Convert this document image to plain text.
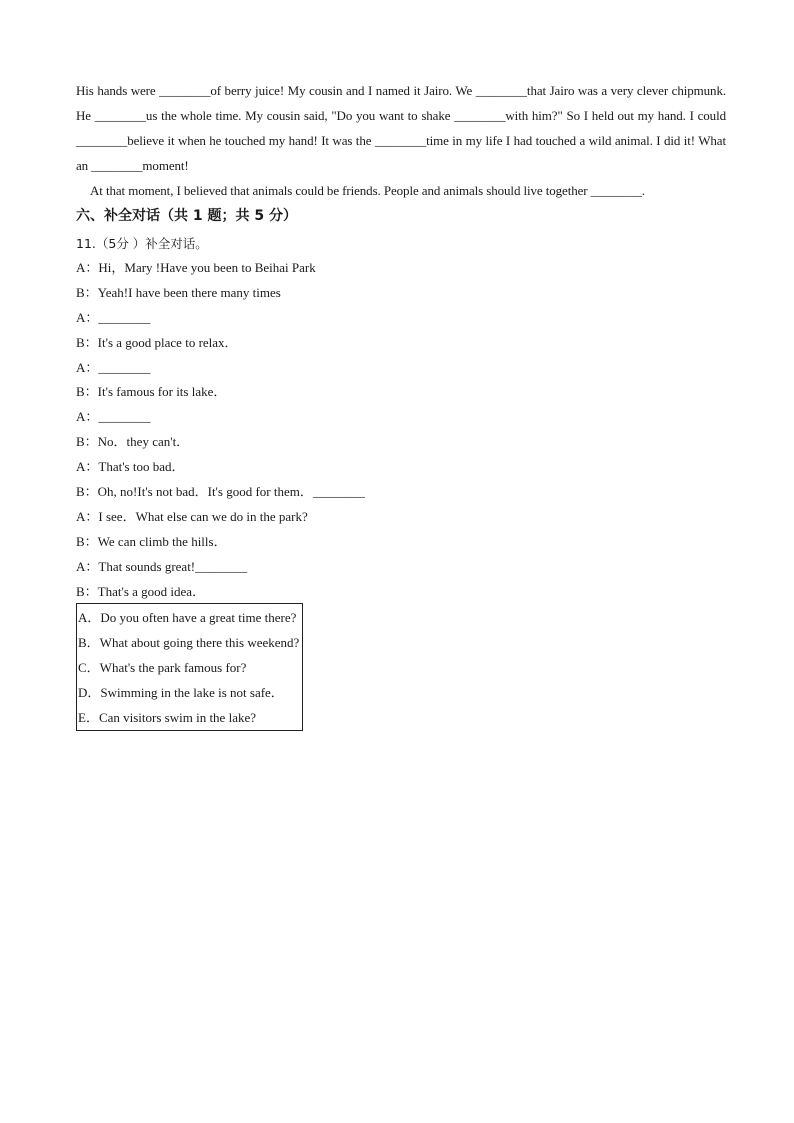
His hands were ________of berry juice! My cousin and I named it Jairo. We ________that Jairo was a very clever chipmunk. He ________us the whole time. My cousin said, "Do you want to shake ________with him?" So I held out my hand. I could ________believe it when he touched my hand! It was the ________time in my life I had touched a wild animal. I did it! What an ________moment!

At that moment, I believed that animals could be friends. People and animals should live together ________.

六、补全对话（共 1 题；共 5 分）

11.（5分 ）补全对话。

A：Hi，Mary !Have you been to Beihai Park

B：Yeah!I have been there many times

A：________

B：It's a good place to relax．

A：________

B：It's famous for its lake．

A：________

B：No．they can't．

A：That's too bad．

B：Oh, no!It's not bad．It's good for them．________

A：I see．What else can we do in the park?

B：We can climb the hills．

A：That sounds great!________

B：That's a good idea．

A．Do you often have a great time there?

B．What about going there this weekend?

C．What's the park famous for?

D．Swimming in the lake is not safe．

E．Can visitors swim in the lake?
